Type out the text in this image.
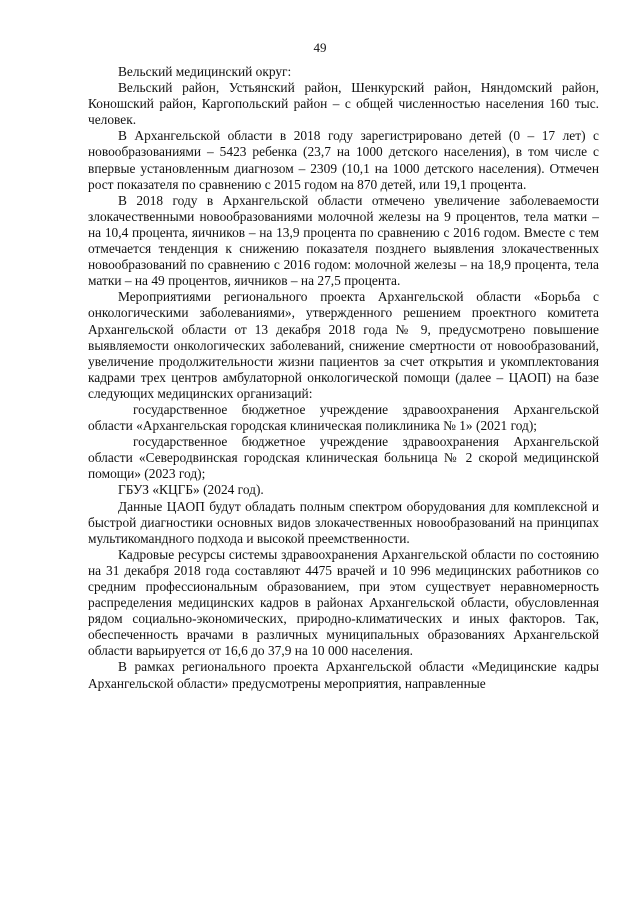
49

Вельский медицинский округ:

Вельский район, Устьянский район, Шенкурский район, Няндомский район, Коношский район, Каргопольский район – с общей численностью населения 160 тыс. человек.

В Архангельской области в 2018 году зарегистрировано детей (0 – 17 лет) с новообразованиями – 5423 ребенка (23,7 на 1000 детского населения), в том числе с впервые установленным диагнозом – 2309 (10,1 на 1000 детского населения). Отмечен рост показателя по сравнению с 2015 годом на 870 детей, или 19,1 процента.

В 2018 году в Архангельской области отмечено увеличение заболеваемости злокачественными новообразованиями молочной железы на 9 процентов, тела матки – на 10,4 процента, яичников – на 13,9 процента по сравнению с 2016 годом. Вместе с тем отмечается тенденция к снижению показателя позднего выявления злокачественных новообразований по сравнению с 2016 годом: молочной железы – на 18,9 процента, тела матки – на 49 процентов, яичников – на 27,5 процента.

Мероприятиями регионального проекта Архангельской области «Борьба с онкологическими заболеваниями», утвержденного решением проектного комитета Архангельской области от 13 декабря 2018 года № 9, предусмотрено повышение выявляемости онкологических заболеваний, снижение смертности от новообразований, увеличение продолжительности жизни пациентов за счет открытия и укомплектования кадрами трех центров амбулаторной онкологической помощи (далее – ЦАОП) на базе следующих медицинских организаций:

государственное бюджетное учреждение здравоохранения Архангельской области «Архангельская городская клиническая поликлиника № 1» (2021 год);

государственное бюджетное учреждение здравоохранения Архангельской области «Северодвинская городская клиническая больница № 2 скорой медицинской помощи» (2023 год);

ГБУЗ «КЦГБ» (2024 год).

Данные ЦАОП будут обладать полным спектром оборудования для комплексной и быстрой диагностики основных видов злокачественных новообразований на принципах мультикомандного подхода и высокой преемственности.

Кадровые ресурсы системы здравоохранения Архангельской области по состоянию на 31 декабря 2018 года составляют 4475 врачей и 10 996 медицинских работников со средним профессиональным образованием, при этом существует неравномерность распределения медицинских кадров в районах Архангельской области, обусловленная рядом социально-экономических, природно-климатических и иных факторов. Так, обеспеченность врачами в различных муниципальных образованиях Архангельской области варьируется от 16,6 до 37,9 на 10 000 населения.

В рамках регионального проекта Архангельской области «Медицинские кадры Архангельской области» предусмотрены мероприятия, направленные
